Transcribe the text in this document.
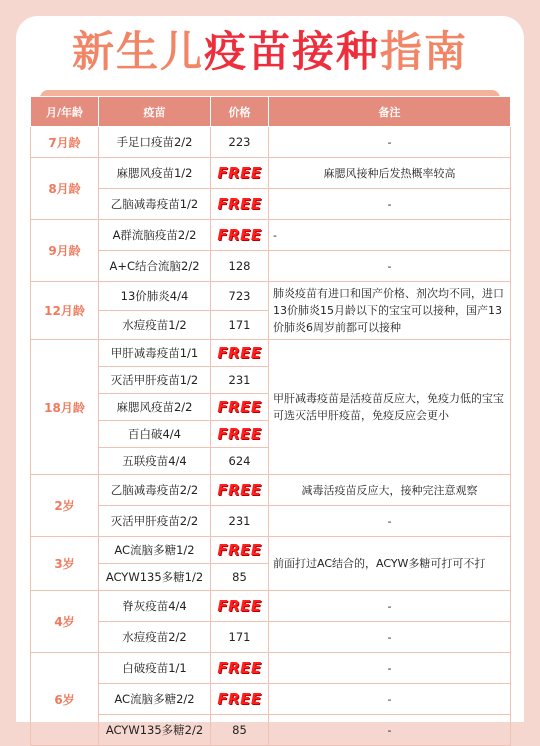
新生儿疫苗接种指南
月/年龄	疫苗	价格	备注
7月龄	手足口疫苗2/2	223	-
8月龄	麻腮风疫苗1/2	FREE	麻腮风接种后发热概率较高
	乙脑减毒疫苗1/2	FREE	-
9月龄	A群流脑疫苗2/2	FREE	-
	A+C结合流脑2/2	128	-
12月龄	13价肺炎4/4	723	肺炎疫苗有进口和国产价格、剂次均不同，进口13价肺炎15月龄以下的宝宝可以接种，国产13价肺炎6周岁前都可以接种
	水痘疫苗1/2	171	
18月龄	甲肝减毒疫苗1/1	FREE	甲肝减毒疫苗是活疫苗反应大，免疫力低的宝宝可选灭活甲肝疫苗，免疫反应会更小
	灭活甲肝疫苗1/2	231	
	麻腮风疫苗2/2	FREE	
	百白破4/4	FREE	
	五联疫苗4/4	624	
2岁	乙脑减毒疫苗2/2	FREE	减毒活疫苗反应大，接种完注意观察
	灭活甲肝疫苗2/2	231	-
3岁	AC流脑多糖1/2	FREE	前面打过AC结合的，ACYW多糖可打可不打
	ACYW135多糖1/2	85	
4岁	脊灰疫苗4/4	FREE	-
	水痘疫苗2/2	171	-
6岁	白破疫苗1/1	FREE	-
	AC流脑多糖2/2	FREE	-
	ACYW135多糖2/2	85	-
